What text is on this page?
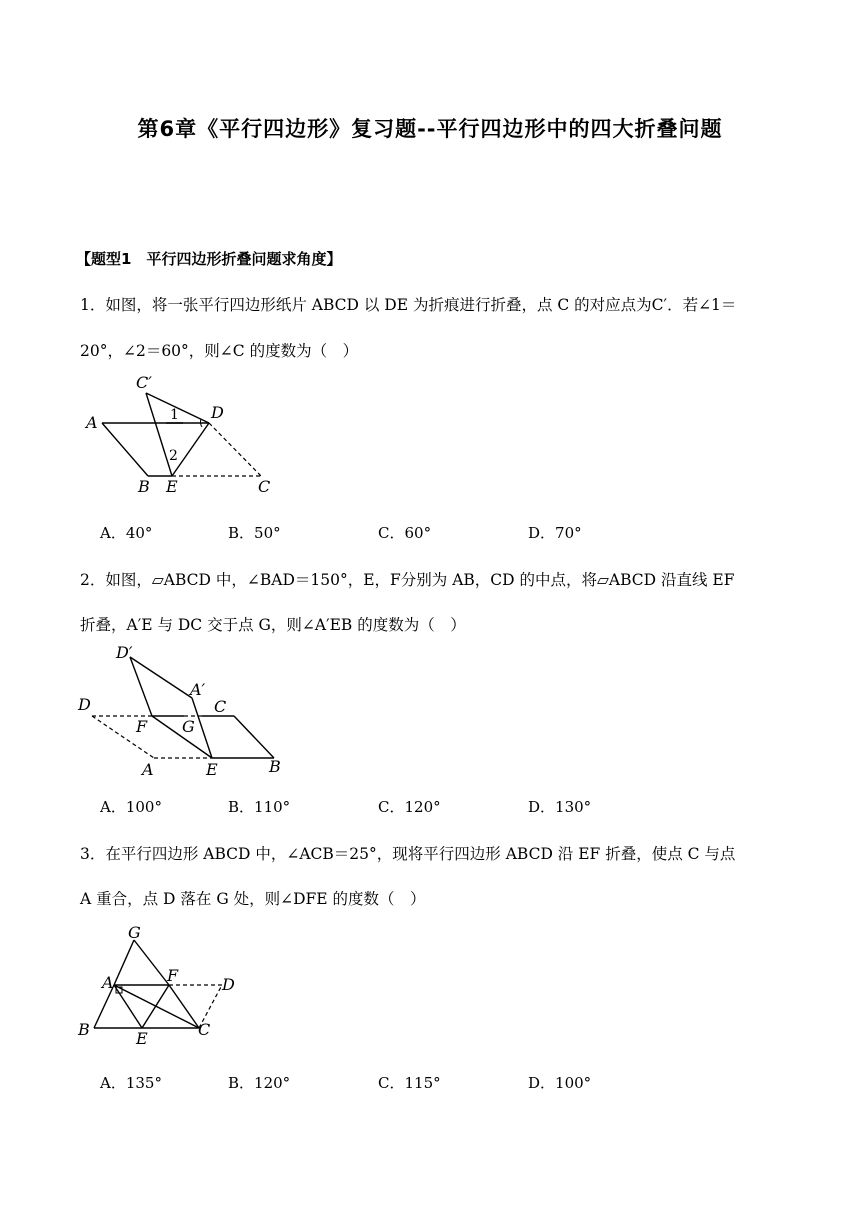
第6章《平行四边形》复习题--平行四边形中的四大折叠问题
【题型1　平行四边形折叠问题求角度】
1．如图，将一张平行四边形纸片 ABCD 以 DE 为折痕进行折叠，点 C 的对应点为C′．若∠1＝
20°，∠2＝60°，则∠C 的度数为（　）
C′
A
D
B E	C
1
2
A．40°	B．50°	C．60°	D．70°
2．如图，▱ABCD 中，∠BAD＝150°，E，F分别为 AB，CD 的中点，将▱ABCD 沿直线 EF
折叠，A′E 与 DC 交于点 G，则∠A′EB 的度数为（　）
D′
A′
D	C
F G
A	E	B
A．100°	B．110°	C．120°	D．130°
3．在平行四边形 ABCD 中，∠ACB＝25°，现将平行四边形 ABCD 沿 EF 折叠，使点 C 与点
A 重合，点 D 落在 G 处，则∠DFE 的度数（　）
G
F
A	D
B	C
E
A．135°	B．120°	C．115°	D．100°
